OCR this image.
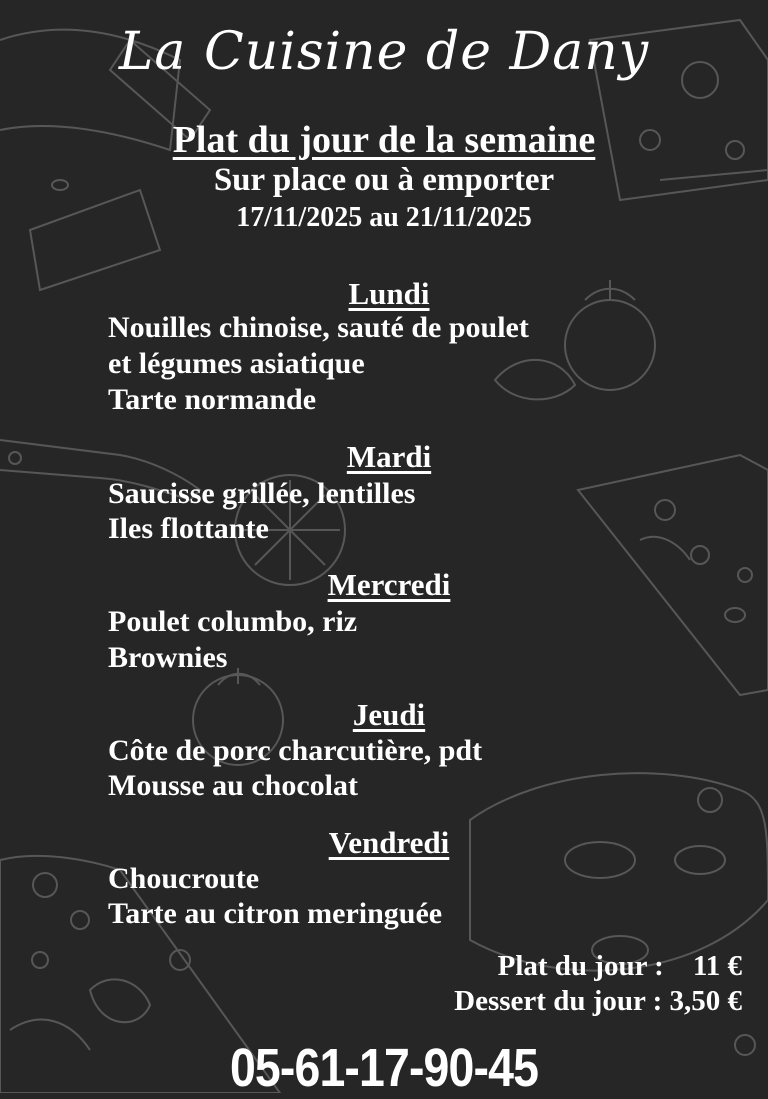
La Cuisine de Dany
Plat du jour de la semaine
Sur place ou à emporter
17/11/2025 au 21/11/2025
Lundi
Nouilles chinoise, sauté de poulet
et légumes asiatique
Tarte normande
Mardi
Saucisse grillée, lentilles
Iles flottante
Mercredi
Poulet columbo, riz
Brownies
Jeudi
Côte de porc charcutière, pdt
Mousse au chocolat
Vendredi
Choucroute
Tarte au citron meringuée
Plat du jour :    11 €
Dessert du jour : 3,50 €
05-61-17-90-45
